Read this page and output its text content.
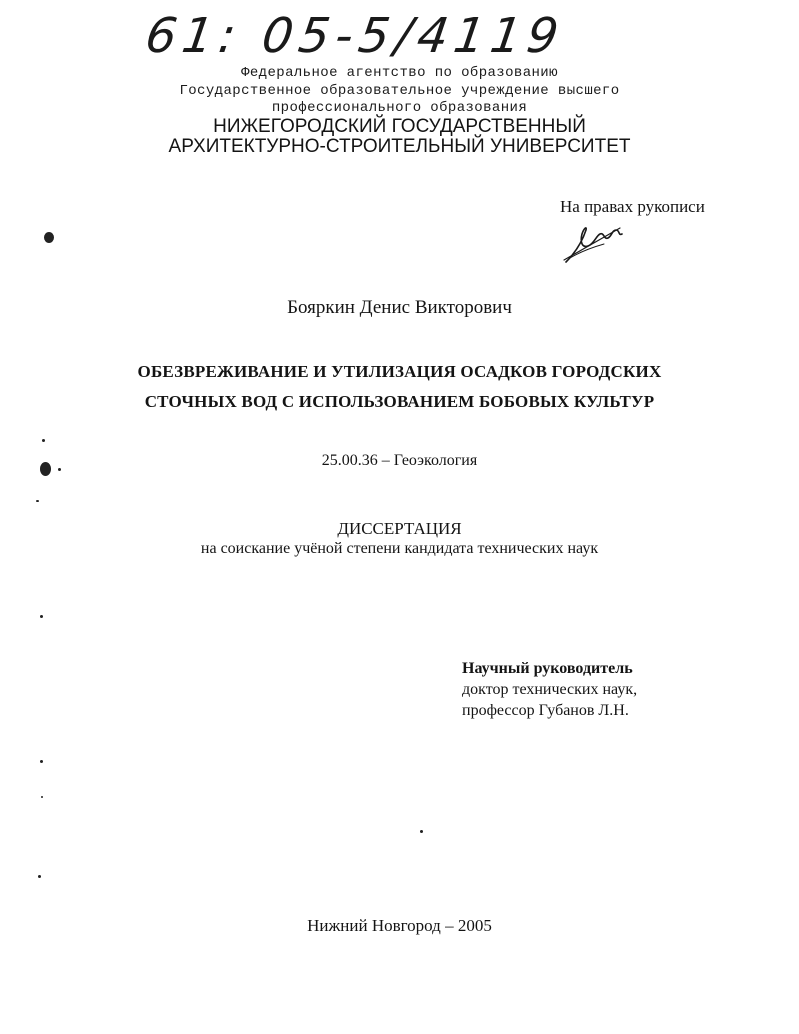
61: 05-5/4119
Федеральное агентство по образованию
Государственное образовательное учреждение высшего
профессионального образования
НИЖЕГОРОДСКИЙ ГОСУДАРСТВЕННЫЙ
АРХИТЕКТУРНО-СТРОИТЕЛЬНЫЙ УНИВЕРСИТЕТ
На правах рукописи
Бояркин Денис Викторович
ОБЕЗВРЕЖИВАНИЕ И УТИЛИЗАЦИЯ ОСАДКОВ ГОРОДСКИХ
СТОЧНЫХ ВОД С ИСПОЛЬЗОВАНИЕМ БОБОВЫХ КУЛЬТУР
25.00.36 – Геоэкология
ДИССЕРТАЦИЯ
на соискание учёной степени кандидата технических наук
Научный руководитель
доктор технических наук,
профессор Губанов Л.Н.
Нижний Новгород – 2005
